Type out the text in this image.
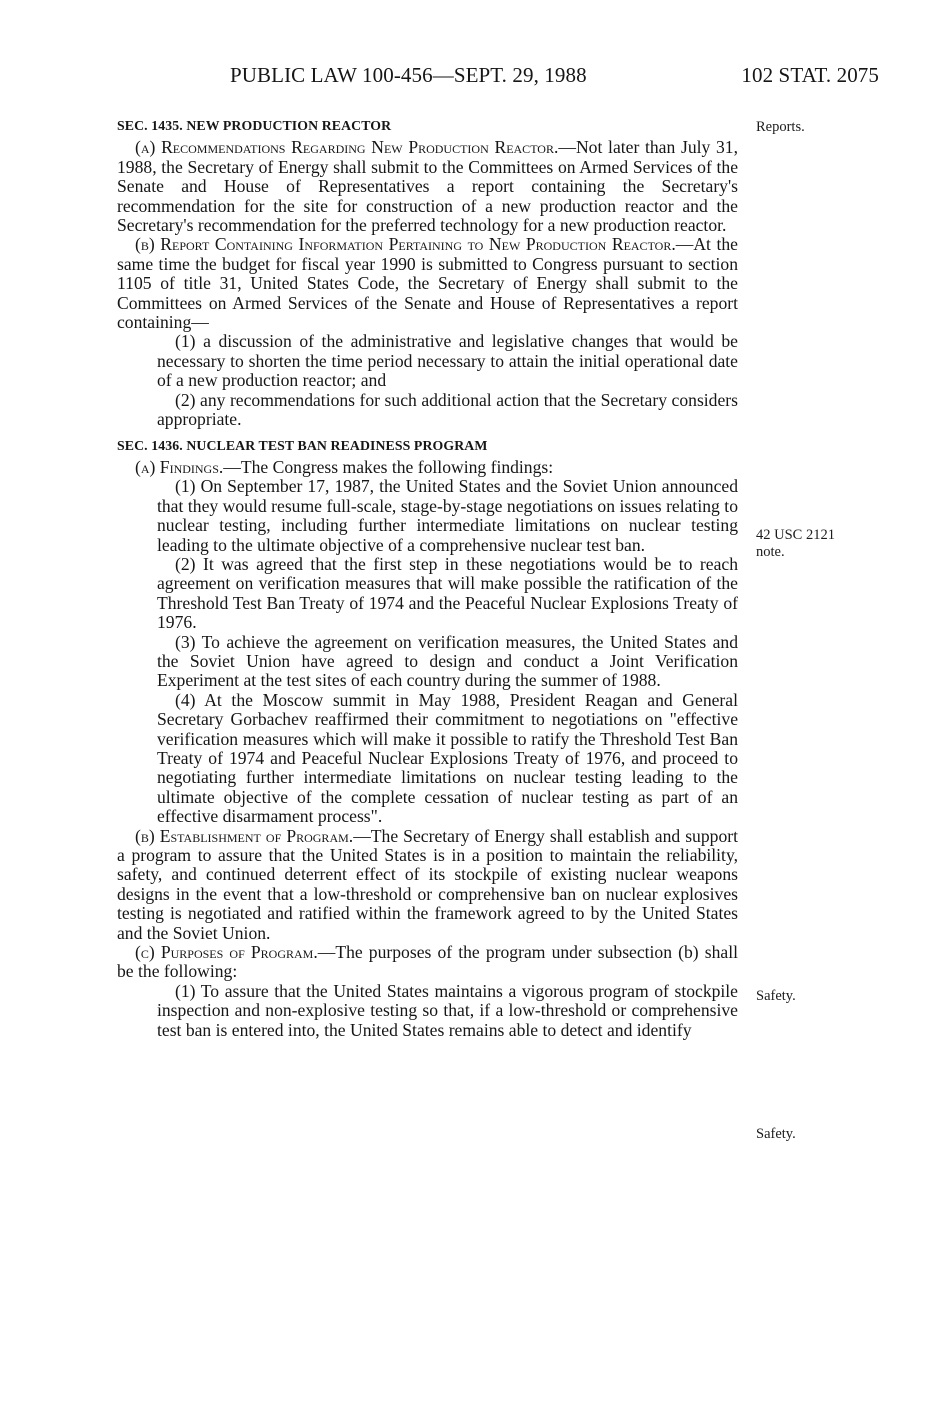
PUBLIC LAW 100-456—SEPT. 29, 1988	102 STAT. 2075
SEC. 1435. NEW PRODUCTION REACTOR

(a) Recommendations Regarding New Production Reactor.—Not later than July 31, 1988, the Secretary of Energy shall submit to the Committees on Armed Services of the Senate and House of Representatives a report containing the Secretary's recommendation for the site for construction of a new production reactor and the Secretary's recommendation for the preferred technology for a new production reactor.

(b) Report Containing Information Pertaining to New Production Reactor.—At the same time the budget for fiscal year 1990 is submitted to Congress pursuant to section 1105 of title 31, United States Code, the Secretary of Energy shall submit to the Committees on Armed Services of the Senate and House of Representatives a report containing—

(1) a discussion of the administrative and legislative changes that would be necessary to shorten the time period necessary to attain the initial operational date of a new production reactor; and

(2) any recommendations for such additional action that the Secretary considers appropriate.

SEC. 1436. NUCLEAR TEST BAN READINESS PROGRAM

(a) Findings.—The Congress makes the following findings:

(1) On September 17, 1987, the United States and the Soviet Union announced that they would resume full-scale, stage-by-stage negotiations on issues relating to nuclear testing, including further intermediate limitations on nuclear testing leading to the ultimate objective of a comprehensive nuclear test ban.

(2) It was agreed that the first step in these negotiations would be to reach agreement on verification measures that will make possible the ratification of the Threshold Test Ban Treaty of 1974 and the Peaceful Nuclear Explosions Treaty of 1976.

(3) To achieve the agreement on verification measures, the United States and the Soviet Union have agreed to design and conduct a Joint Verification Experiment at the test sites of each country during the summer of 1988.

(4) At the Moscow summit in May 1988, President Reagan and General Secretary Gorbachev reaffirmed their commitment to negotiations on "effective verification measures which will make it possible to ratify the Threshold Test Ban Treaty of 1974 and Peaceful Nuclear Explosions Treaty of 1976, and proceed to negotiating further intermediate limitations on nuclear testing leading to the ultimate objective of the complete cessation of nuclear testing as part of an effective disarmament process".

(b) Establishment of Program.—The Secretary of Energy shall establish and support a program to assure that the United States is in a position to maintain the reliability, safety, and continued deterrent effect of its stockpile of existing nuclear weapons designs in the event that a low-threshold or comprehensive ban on nuclear explosives testing is negotiated and ratified within the framework agreed to by the United States and the Soviet Union.

(c) Purposes of Program.—The purposes of the program under subsection (b) shall be the following:

(1) To assure that the United States maintains a vigorous program of stockpile inspection and non-explosive testing so that, if a low-threshold or comprehensive test ban is entered into, the United States remains able to detect and identify

Reports.
42 USC 2121
note.
Safety.
Safety.
